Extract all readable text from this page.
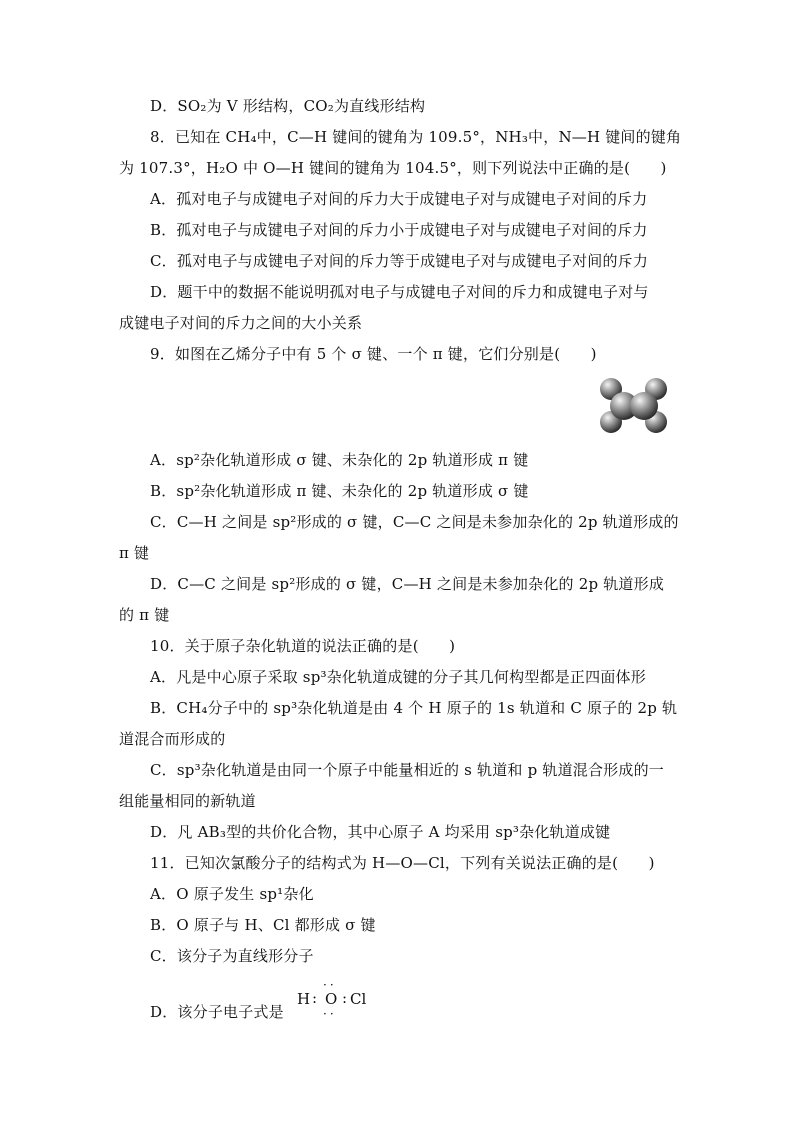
D．SO₂为 V 形结构，CO₂为直线形结构
8．已知在 CH₄中，C—H 键间的键角为 109.5°，NH₃中，N—H 键间的键角
为 107.3°，H₂O 中 O—H 键间的键角为 104.5°，则下列说法中正确的是(　　)
A．孤对电子与成键电子对间的斥力大于成键电子对与成键电子对间的斥力
B．孤对电子与成键电子对间的斥力小于成键电子对与成键电子对间的斥力
C．孤对电子与成键电子对间的斥力等于成键电子对与成键电子对间的斥力
D．题干中的数据不能说明孤对电子与成键电子对间的斥力和成键电子对与
成键电子对间的斥力之间的大小关系
9．如图在乙烯分子中有 5 个 σ 键、一个 π 键，它们分别是(　　)
A．sp²杂化轨道形成 σ 键、未杂化的 2p 轨道形成 π 键
B．sp²杂化轨道形成 π 键、未杂化的 2p 轨道形成 σ 键
C．C—H 之间是 sp²形成的 σ 键，C—C 之间是未参加杂化的 2p 轨道形成的
π 键
D．C—C 之间是 sp²形成的 σ 键，C—H 之间是未参加杂化的 2p 轨道形成
的 π 键
10．关于原子杂化轨道的说法正确的是(　　)
A．凡是中心原子采取 sp³杂化轨道成键的分子其几何构型都是正四面体形
B．CH₄分子中的 sp³杂化轨道是由 4 个 H 原子的 1s 轨道和 C 原子的 2p 轨
道混合而形成的
C．sp³杂化轨道是由同一个原子中能量相近的 s 轨道和 p 轨道混合形成的一
组能量相同的新轨道
D．凡 AB₃型的共价化合物，其中心原子 A 均采用 sp³杂化轨道成键
11．已知次氯酸分子的结构式为 H—O—Cl，下列有关说法正确的是(　　)
A．O 原子发生 sp¹杂化
B．O 原子与 H、Cl 都形成 σ 键
C．该分子为直线形分子
D．该分子电子式是
H :
··
O
··
: Cl
